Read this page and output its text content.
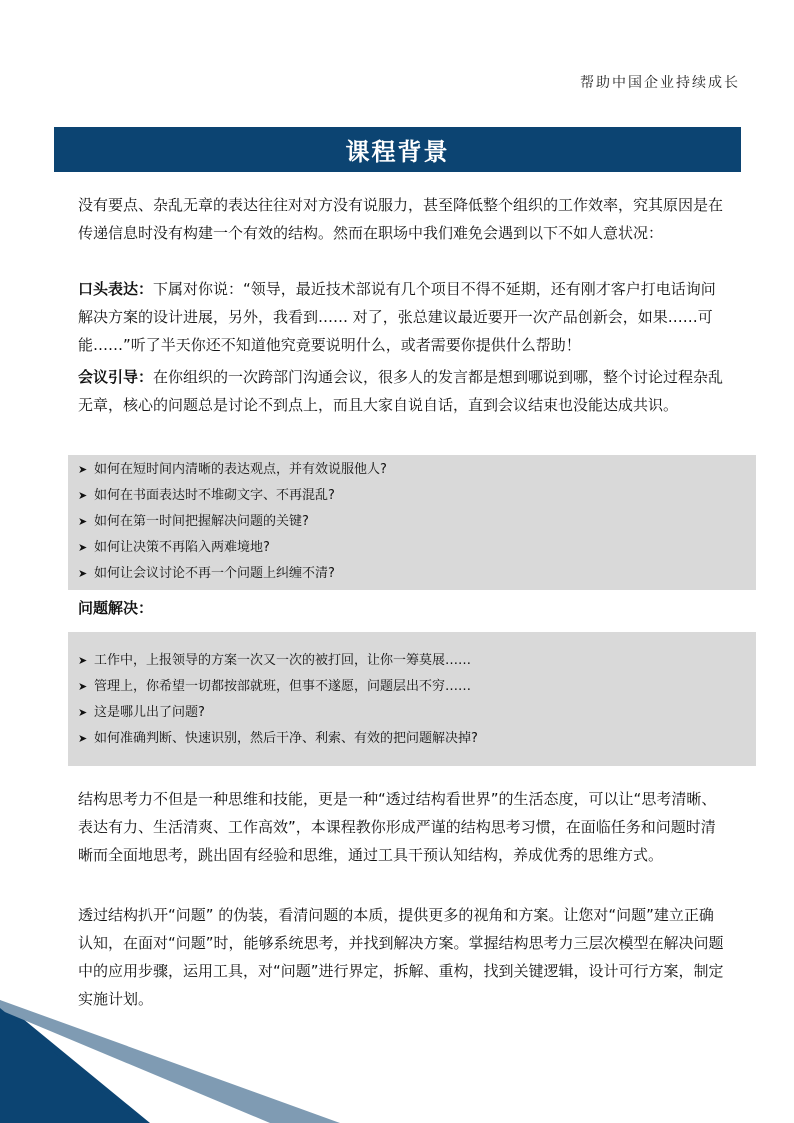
帮助中国企业持续成长
课程背景

没有要点、杂乱无章的表达往往对对方没有说服力，甚至降低整个组织的工作效率，究其原因是在传递信息时没有构建一个有效的结构。然而在职场中我们难免会遇到以下不如人意状况：

口头表达：下属对你说：“领导，最近技术部说有几个项目不得不延期，还有刚才客户打电话询问解决方案的设计进展，另外，我看到…… 对了，张总建议最近要开一次产品创新会，如果……可能……”听了半天你还不知道他究竟要说明什么，或者需要你提供什么帮助！

会议引导：在你组织的一次跨部门沟通会议，很多人的发言都是想到哪说到哪，整个讨论过程杂乱无章，核心的问题总是讨论不到点上，而且大家自说自话，直到会议结束也没能达成共识。

➤ 如何在短时间内清晰的表达观点，并有效说服他人?
➤ 如何在书面表达时不堆砌文字、不再混乱?
➤ 如何在第一时间把握解决问题的关键?
➤ 如何让决策不再陷入两难境地?
➤ 如何让会议讨论不再一个问题上纠缠不清?

问题解决：

➤ 工作中，上报领导的方案一次又一次的被打回，让你一筹莫展……
➤ 管理上，你希望一切都按部就班，但事不遂愿，问题层出不穷……
➤ 这是哪儿出了问题?
➤ 如何准确判断、快速识别，然后干净、利索、有效的把问题解决掉?

结构思考力不但是一种思维和技能，更是一种“透过结构看世界”的生活态度，可以让“思考清晰、表达有力、生活清爽、工作高效”，本课程教你形成严谨的结构思考习惯，在面临任务和问题时清晰而全面地思考，跳出固有经验和思维，通过工具干预认知结构，养成优秀的思维方式。

透过结构扒开“问题” 的伪装，看清问题的本质，提供更多的视角和方案。让您对“问题”建立正确认知，在面对“问题”时，能够系统思考，并找到解决方案。掌握结构思考力三层次模型在解决问题中的应用步骤，运用工具，对“问题”进行界定，拆解、重构，找到关键逻辑，设计可行方案，制定实施计划。
